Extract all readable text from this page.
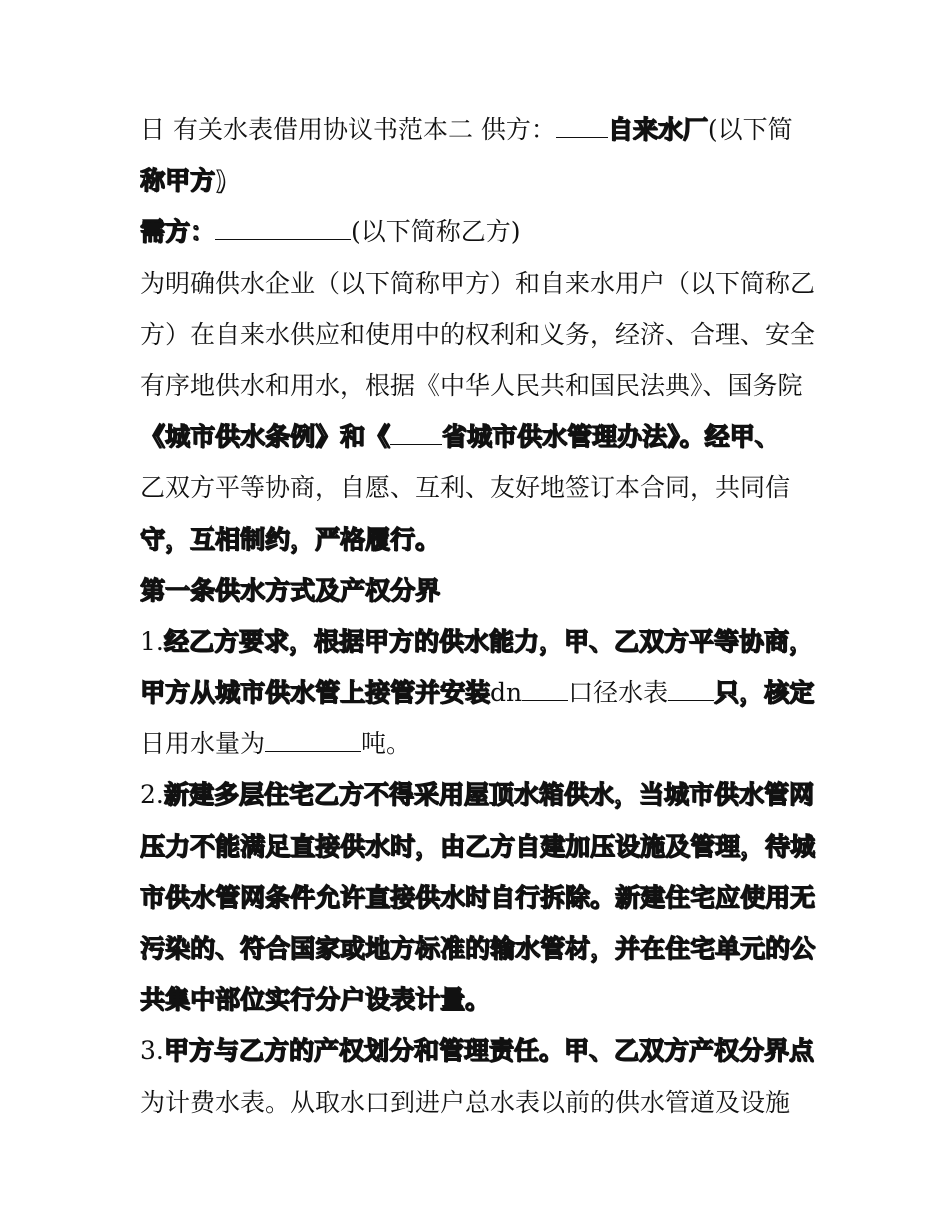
日 有关水表借用协议书范本二 供方： 自来水厂(以下简
称甲方)
需方：	(以下简称乙方)
为明确供水企业（以下简称甲方）和自来水用户（以下简称乙
方）在自来水供应和使用中的权利和义务，经济、合理、安全
有序地供水和用水，根据《中华人民共和国民法典》、国务院
《城市供水条例》和《 省城市供水管理办法》。经甲、
乙双方平等协商，自愿、互利、友好地签订本合同，共同信
守，互相制约，严格履行。
第一条供水方式及产权分界
1.经乙方要求，根据甲方的供水能力，甲、乙双方平等协商，
甲方从城市供水管上接管并安装dn 口径水表 只，核定
日用水量为	吨。
2.新建多层住宅乙方不得采用屋顶水箱供水，当城市供水管网
压力不能满足直接供水时，由乙方自建加压设施及管理，待城
市供水管网条件允许直接供水时自行拆除。新建住宅应使用无
污染的、符合国家或地方标准的输水管材，并在住宅单元的公
共集中部位实行分户设表计量。
3.甲方与乙方的产权划分和管理责任。甲、乙双方产权分界点
为计费水表。从取水口到进户总水表以前的供水管道及设施
